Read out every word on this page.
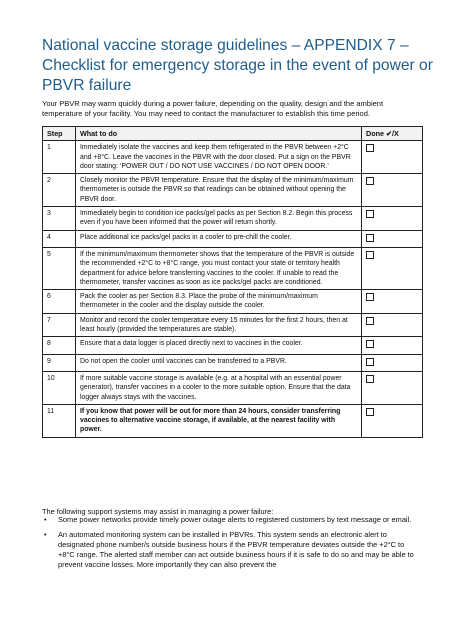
National vaccine storage guidelines – APPENDIX 7 – Checklist for emergency storage in the event of power or PBVR failure

Your PBVR may warm quickly during a power failure, depending on the quality, design and the ambient temperature of your facility. You may need to contact the manufacturer to establish this time period.

Step	What to do	Done ✔/X
1	Immediately isolate the vaccines and keep them refrigerated in the PBVR between +2°C and +8°C. Leave the vaccines in the PBVR with the door closed. Put a sign on the PBVR door stating: ‘POWER OUT / DO NOT USE VACCINES / DO NOT OPEN DOOR.’	
2	Closely monitor the PBVR temperature. Ensure that the display of the minimum/maximum thermometer is outside the PBVR so that readings can be obtained without opening the PBVR door.	
3	Immediately begin to condition ice packs/gel packs as per Section 8.2. Begin this process even if you have been informed that the power will return shortly.	
4	Place additional ice packs/gel packs in a cooler to pre-chill the cooler.	
5	If the minimum/maximum thermometer shows that the temperature of the PBVR is outside the recommended +2°C to +8°C range, you must contact your state or territory health department for advice before transferring vaccines to the cooler. If unable to read the thermometer, transfer vaccines as soon as ice packs/gel packs are conditioned.	
6	Pack the cooler as per Section 8.3. Place the probe of the minimum/maximum thermometer in the cooler and the display outside the cooler.	
7	Monitor and record the cooler temperature every 15 minutes for the first 2 hours, then at least hourly (provided the temperatures are stable).	
8	Ensure that a data logger is placed directly next to vaccines in the cooler.	
9	Do not open the cooler until vaccines can be transferred to a PBVR.	
10	If more suitable vaccine storage is available (e.g. at a hospital with an essential power generator), transfer vaccines in a cooler to the more suitable option. Ensure that the data logger always stays with the vaccines.	
11	If you know that power will be out for more than 24 hours, consider transferring vaccines to alternative vaccine storage, if available, at the nearest facility with power.	

The following support systems may assist in managing a power failure:

• Some power networks provide timely power outage alerts to registered customers by text message or email.
• An automated monitoring system can be installed in PBVRs. This system sends an electronic alert to designated phone number/s outside business hours if the PBVR temperature deviates outside the +2°C to +8°C range. The alerted staff member can act outside business hours if it is safe to do so and may be able to prevent vaccine losses. More importantly they can also prevent the
